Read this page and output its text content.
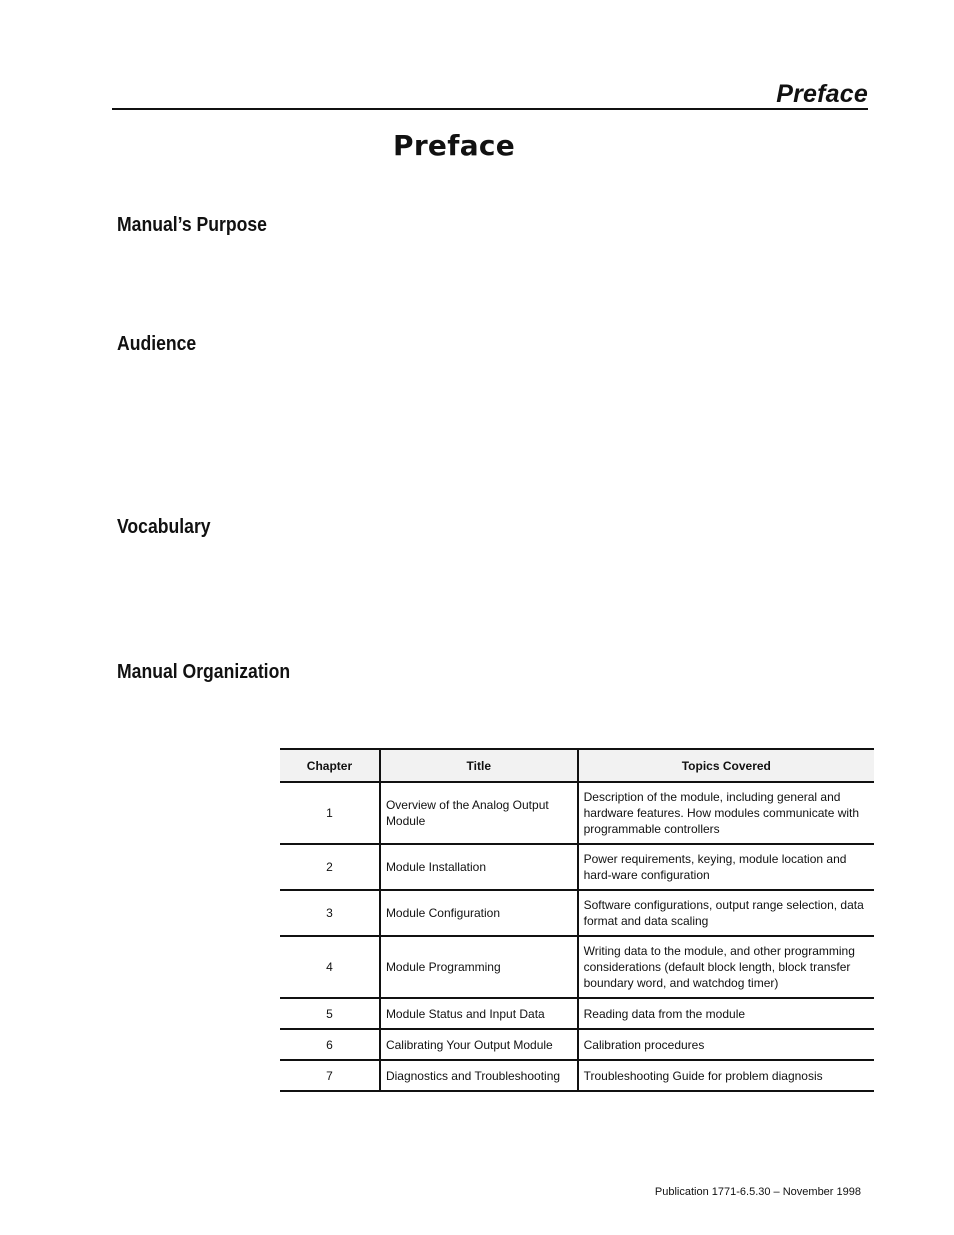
Preface
Preface
Manual’s Purpose
Audience
Vocabulary
Manual Organization
Chapter	Title	Topics Covered
1	Overview of the Analog Output Module	Description of the module, including general and hardware features. How modules communicate with programmable controllers
2	Module Installation	Power requirements, keying, module location and hard-ware configuration
3	Module Configuration	Software configurations, output range selection, data format and data scaling
4	Module Programming	Writing data to the module, and other programming considerations (default block length, block transfer boundary word, and watchdog timer)
5	Module Status and Input Data	Reading data from the module
6	Calibrating Your Output Module	Calibration procedures
7	Diagnostics and Troubleshooting	Troubleshooting Guide for problem diagnosis
Publication 1771-6.5.30 – November 1998
